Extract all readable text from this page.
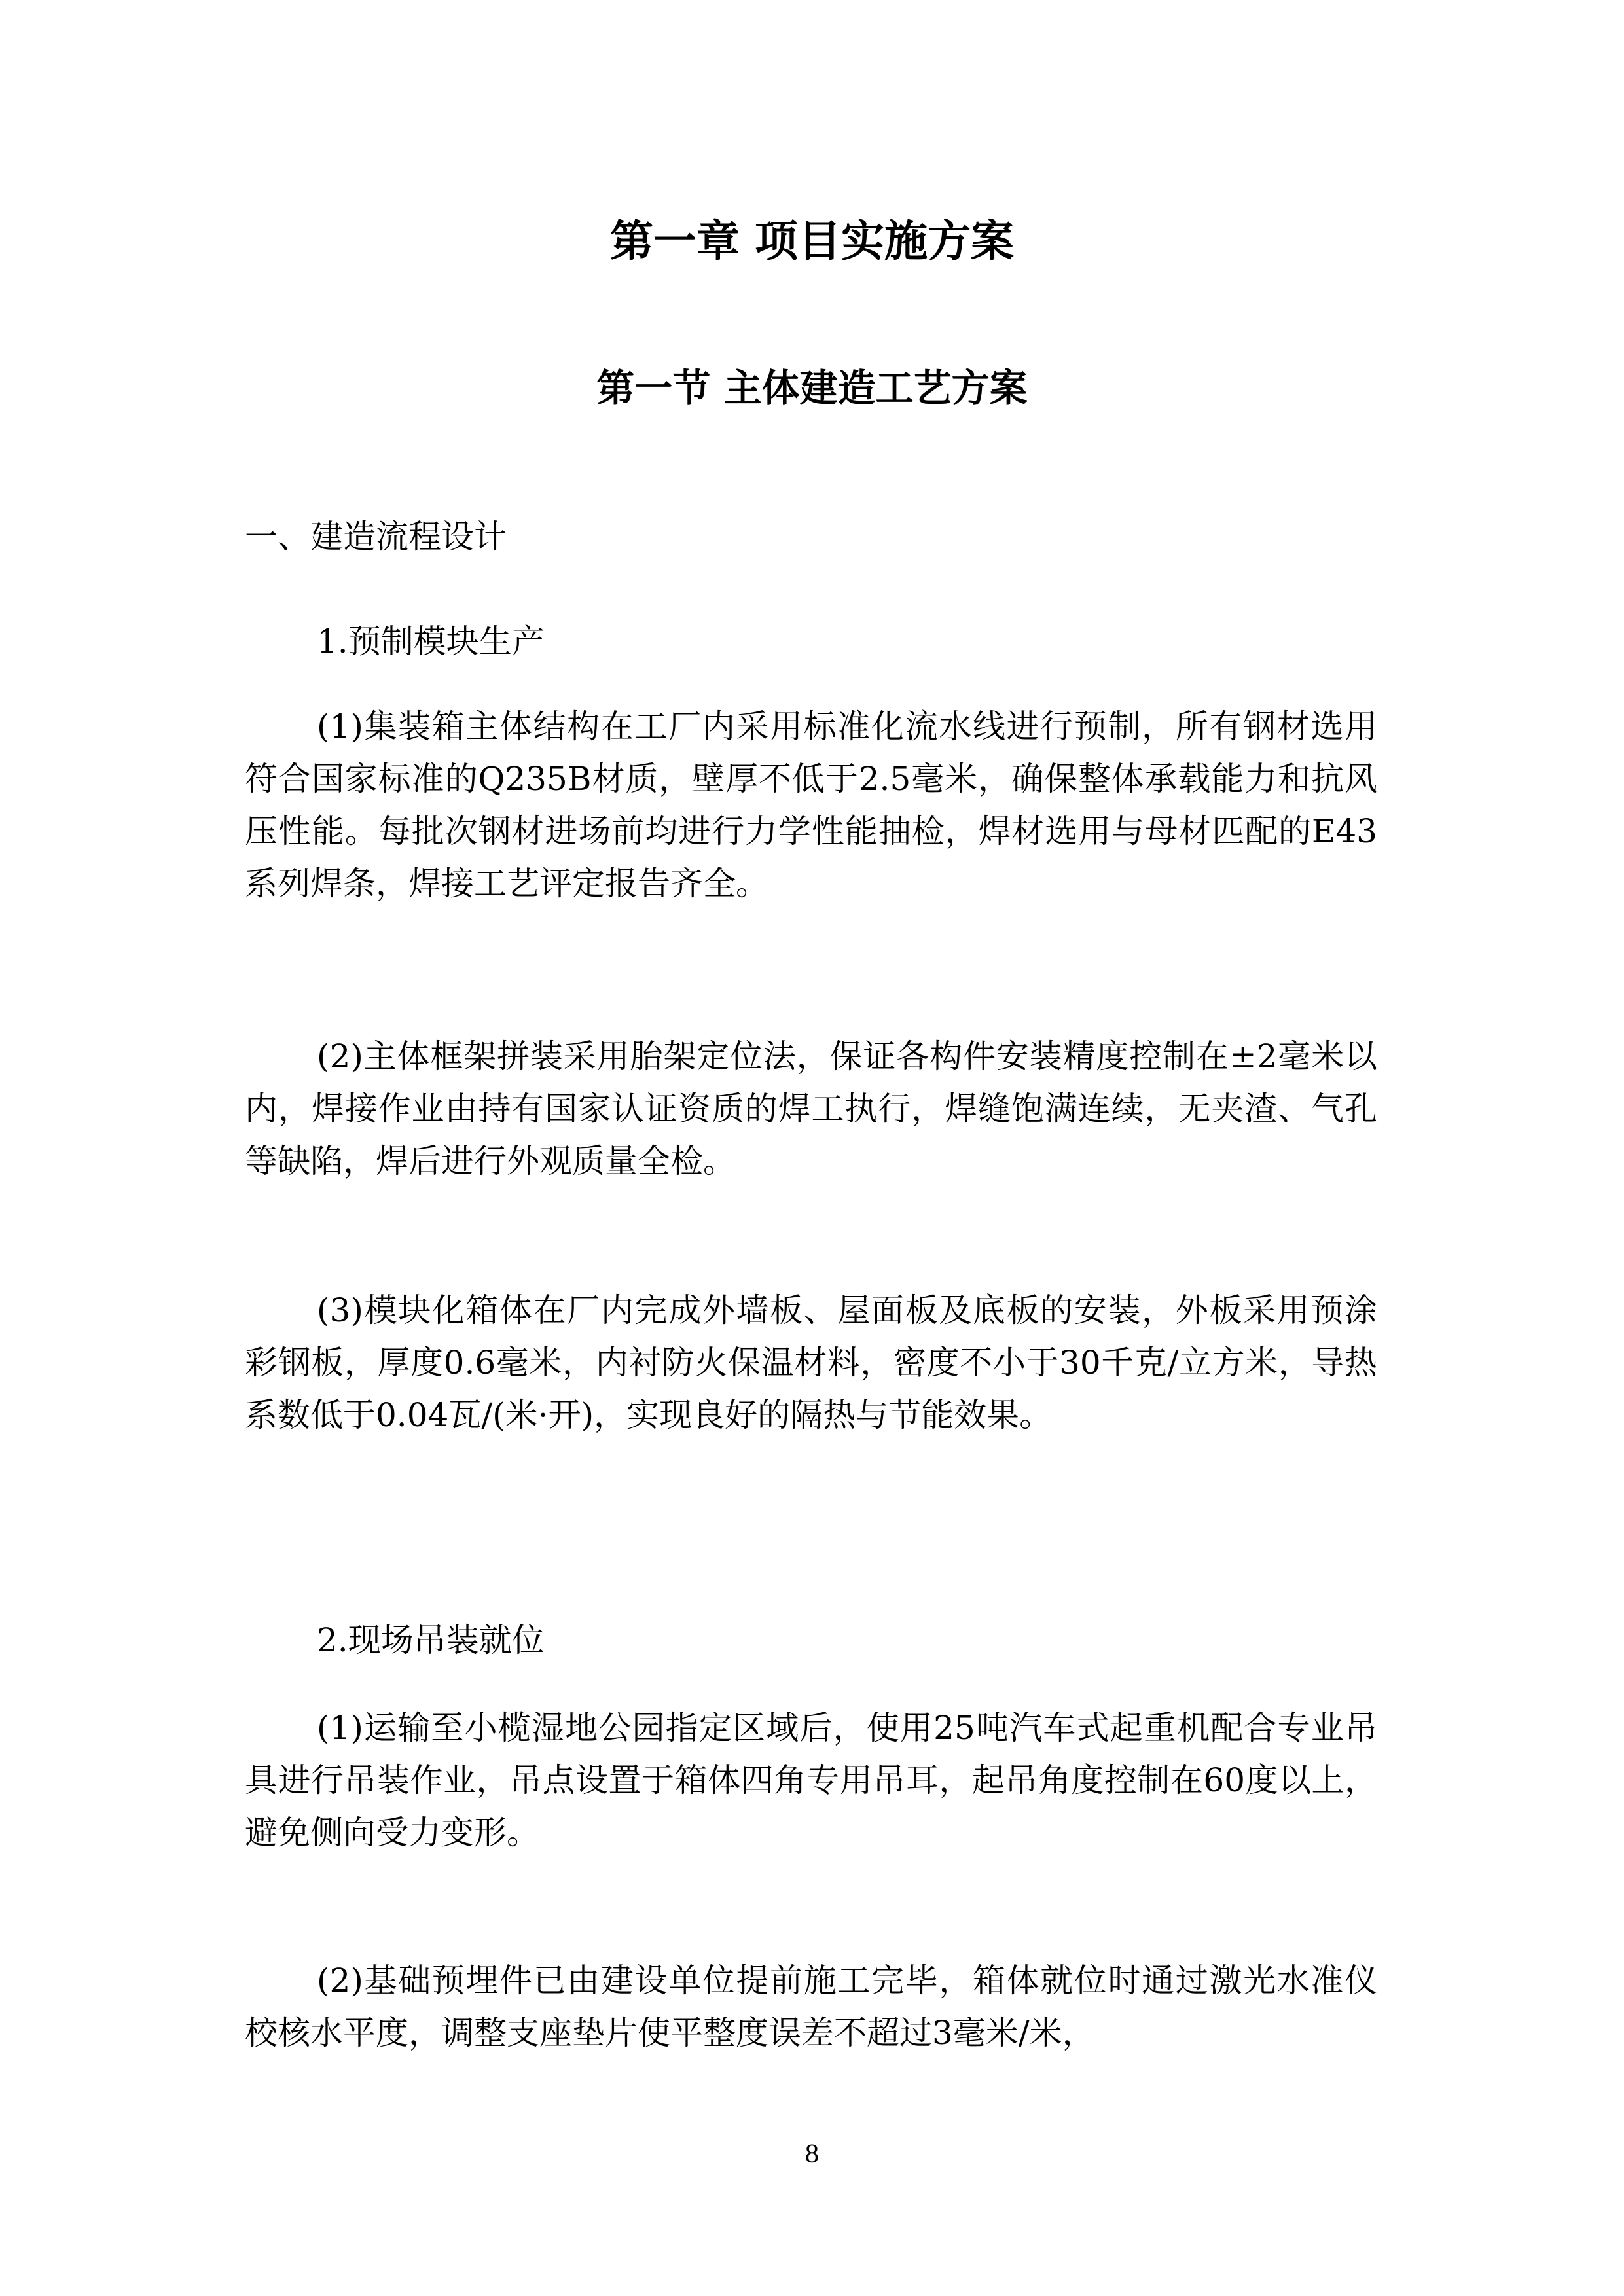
第一章 项目实施方案
第一节 主体建造工艺方案
一、建造流程设计
1.预制模块生产
(1)集装箱主体结构在工厂内采用标准化流水线进行预制，所有钢材选用符合国家标准的Q235B材质，壁厚不低于2.5毫米，确保整体承载能力和抗风压性能。每批次钢材进场前均进行力学性能抽检，焊材选用与母材匹配的E43系列焊条，焊接工艺评定报告齐全。
(2)主体框架拼装采用胎架定位法，保证各构件安装精度控制在±2毫米以内，焊接作业由持有国家认证资质的焊工执行，焊缝饱满连续，无夹渣、气孔等缺陷，焊后进行外观质量全检。
(3)模块化箱体在厂内完成外墙板、屋面板及底板的安装，外板采用预涂彩钢板，厚度0.6毫米，内衬防火保温材料，密度不小于30千克/立方米，导热系数低于0.04瓦/(米·开)，实现良好的隔热与节能效果。
2.现场吊装就位
(1)运输至小榄湿地公园指定区域后，使用25吨汽车式起重机配合专业吊具进行吊装作业，吊点设置于箱体四角专用吊耳，起吊角度控制在60度以上，避免侧向受力变形。
(2)基础预埋件已由建设单位提前施工完毕，箱体就位时通过激光水准仪校核水平度，调整支座垫片使平整度误差不超过3毫米/米，
8
